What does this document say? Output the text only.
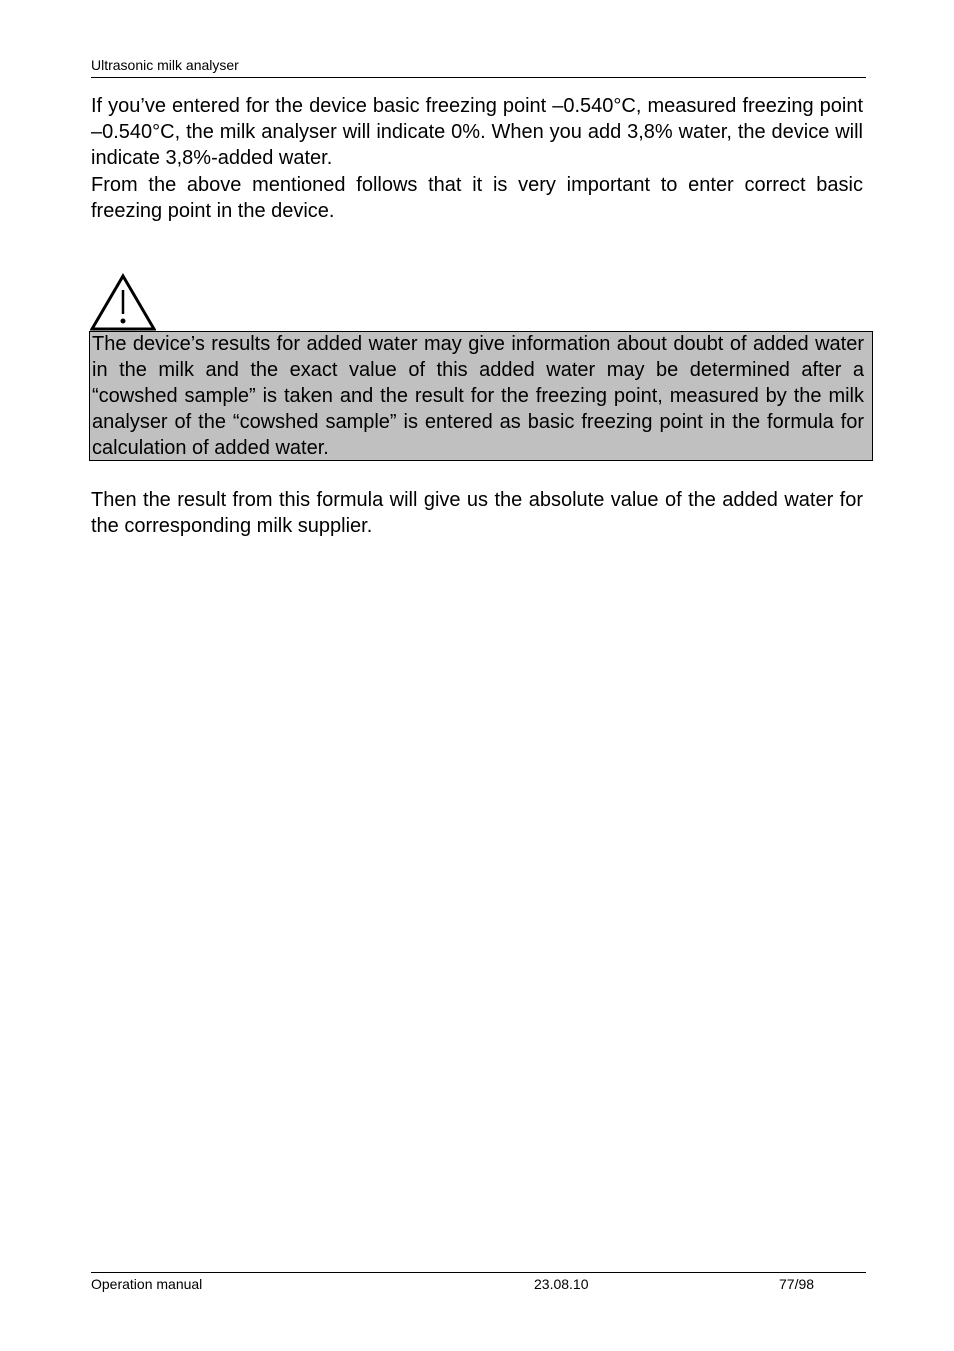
Ultrasonic milk analyser

If you’ve entered for the device basic freezing point –0.540°C, measured freezing point –0.540°C, the milk analyser will indicate 0%. When you add 3,8% water, the device will indicate 3,8%-added water.

From the above mentioned follows that it is very important to enter correct basic freezing point in the device.

The device’s results for added water may give information about doubt of added water in the milk and the exact value of this added water may be determined after a “cowshed sample” is taken and the result for the freezing point, measured by the milk analyser of the “cowshed sample” is entered as basic freezing point in the formula for calculation of added water.

Then the result from this formula will give us the absolute value of the added water for the corresponding milk supplier.

Operation manual	23.08.10	77/98
